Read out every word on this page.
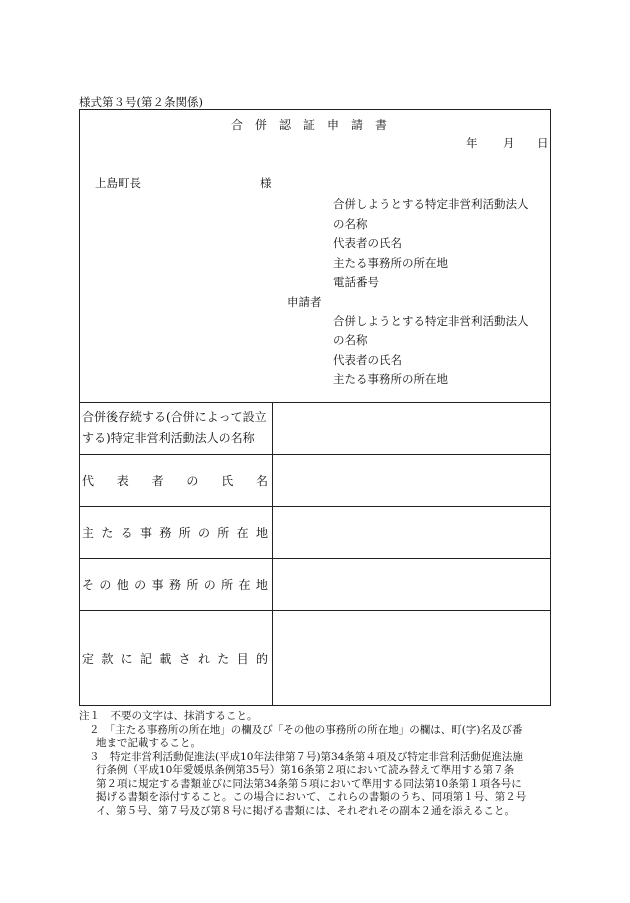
様式第３号(第２条関係)
合併認証申請書
年 月 日
上島町長	様
合併しようとする特定非営利活動法人
の名称
代表者の氏名
主たる事務所の所在地
電話番号
申請者
合併しようとする特定非営利活動法人
の名称
代表者の氏名
主たる事務所の所在地
合併後存続する(合併によって設立
する)特定非営利活動法人の名称
代 表 者 の 氏 名
主 た る 事 務 所 の 所 在 地
そ の 他 の 事 務 所 の 所 在 地
定 款 に 記 載 さ れ た 目 的
注１　不要の文字は、抹消すること。
２　「主たる事務所の所在地」の欄及び「その他の事務所の所在地」の欄は、町(字)名及び番
地まで記載すること。
３　特定非営利活動促進法(平成10年法律第７号)第34条第４項及び特定非営利活動促進法施
行条例（平成10年愛媛県条例第35号）第16条第２項において読み替えて準用する第７条
第２項に規定する書類並びに同法第34条第５項において準用する同法第10条第１項各号に
掲げる書類を添付すること。この場合において、これらの書類のうち、同項第１号、第２号
イ、第５号、第７号及び第８号に掲げる書類には、それぞれその副本２通を添えること。
